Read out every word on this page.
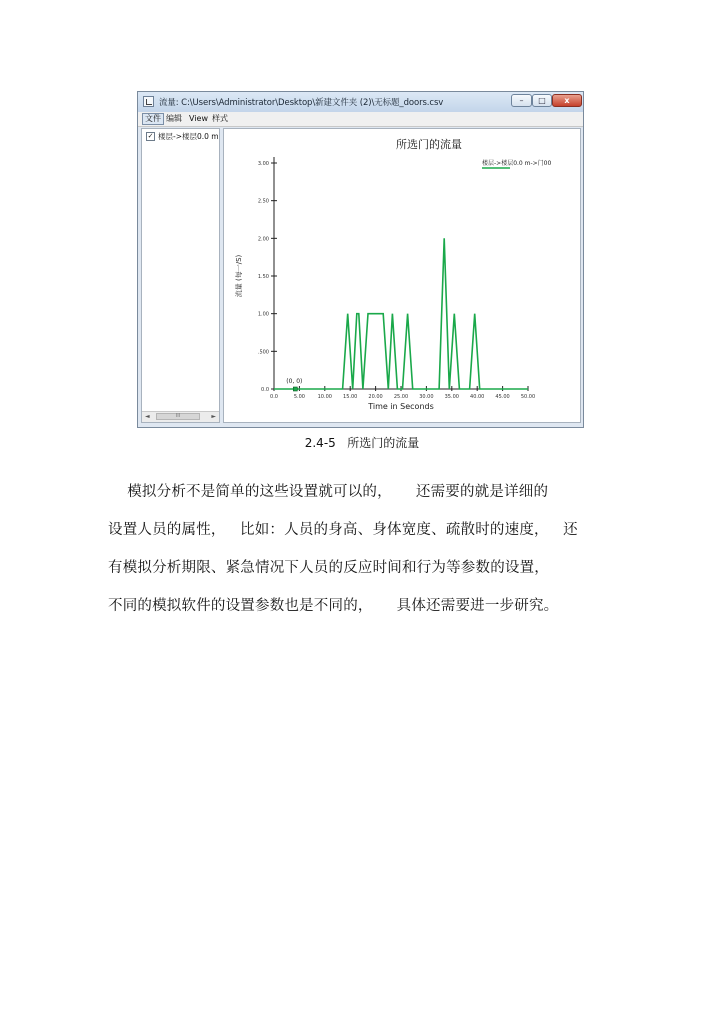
流量: C:\Users\Administrator\Desktop\新建文件夹 (2)\无标题_doors.csv	–	□	x
文件 编辑 View 样式
✓ 楼层->楼层0.0 m
◄	III	►
所选门的流量
0.0
.500
1.00
1.50
2.00
2.50
3.00
0.0	5.00	10.00 15.00 20.00 25.00 30.00 35.00 40.00 45.00 50.00
Time in Seconds
流量 (每一/S)
楼层->楼层0.0 m->门00
(0, 0)
2.4-5 所选门的流量
模拟分析不是简单的这些设置就可以的，     还需要的就是详细的
设置人员的属性，   比如：人员的身高、身体宽度、疏散时的速度，   还
有模拟分析期限、紧急情况下人员的反应时间和行为等参数的设置，
不同的模拟软件的设置参数也是不同的，     具体还需要进一步研究。
